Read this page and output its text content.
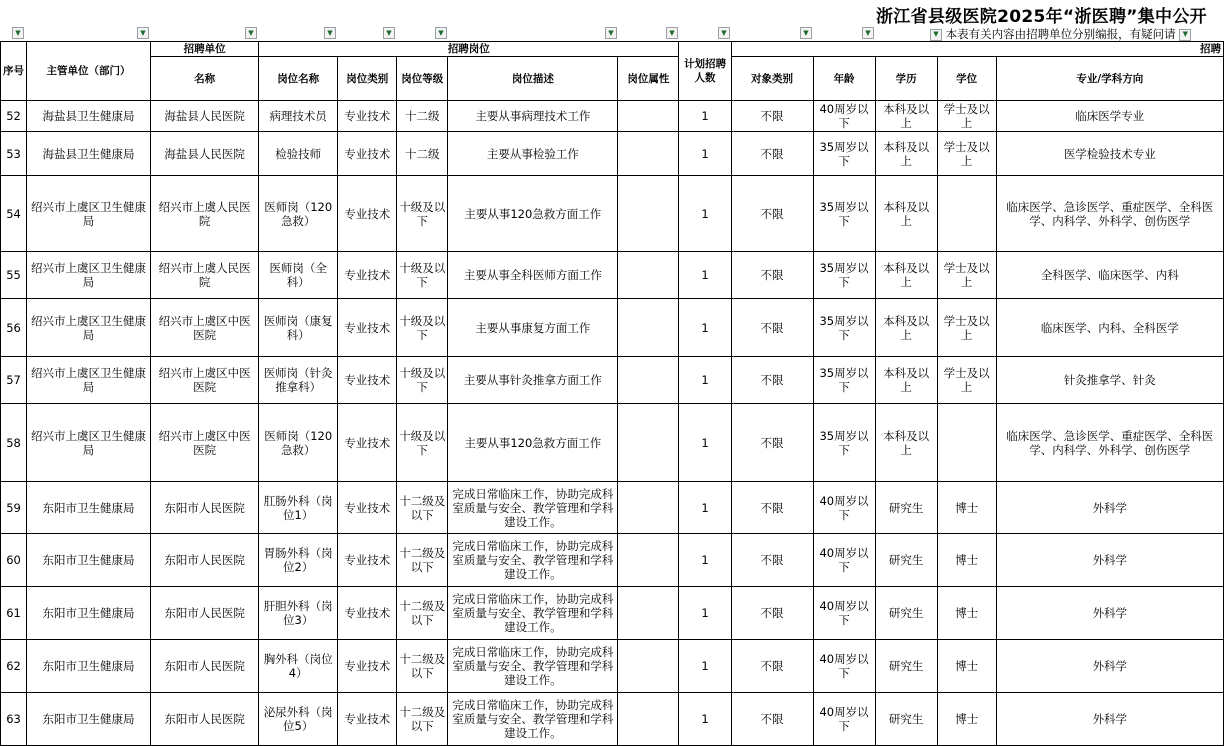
浙江省县级医院2025年“浙医聘”集中公开
▼	▼	▼	▼	▼	▼	▼	▼	▼	▼	▼	▼ 本表有关内容由招聘单位分别编报，有疑问请 ▼
序号	主管单位（部门）	招聘单位	招聘岗位					计划招聘人数	招聘				
		名称	岗位名称	岗位类别	岗位等级	岗位描述	岗位属性		对象类别	年龄	学历	学位	专业/学科方向

52	海盐县卫生健康局	海盐县人民医院	病理技术员	专业技术	十二级	主要从事病理技术工作		1	不限	40周岁以下	本科及以上	学士及以上	临床医学专业
53	海盐县卫生健康局	海盐县人民医院	检验技师	专业技术	十二级	主要从事检验工作		1	不限	35周岁以下	本科及以上	学士及以上	医学检验技术专业
54	绍兴市上虞区卫生健康局	绍兴市上虞人民医院	医师岗（120急救）	专业技术	十级及以下	主要从事120急救方面工作		1	不限	35周岁以下	本科及以上		临床医学、急诊医学、重症医学、全科医学、内科学、外科学、创伤医学
55	绍兴市上虞区卫生健康局	绍兴市上虞人民医院	医师岗（全科）	专业技术	十级及以下	主要从事全科医师方面工作		1	不限	35周岁以下	本科及以上	学士及以上	全科医学、临床医学、内科
56	绍兴市上虞区卫生健康局	绍兴市上虞区中医医院	医师岗（康复科）	专业技术	十级及以下	主要从事康复方面工作		1	不限	35周岁以下	本科及以上	学士及以上	临床医学、内科、全科医学
57	绍兴市上虞区卫生健康局	绍兴市上虞区中医医院	医师岗（针灸推拿科）	专业技术	十级及以下	主要从事针灸推拿方面工作		1	不限	35周岁以下	本科及以上	学士及以上	针灸推拿学、针灸
58	绍兴市上虞区卫生健康局	绍兴市上虞区中医医院	医师岗（120急救）	专业技术	十级及以下	主要从事120急救方面工作		1	不限	35周岁以下	本科及以上		临床医学、急诊医学、重症医学、全科医学、内科学、外科学、创伤医学
59	东阳市卫生健康局	东阳市人民医院	肛肠外科（岗位1）	专业技术	十二级及以下	完成日常临床工作，协助完成科室质量与安全、教学管理和学科建设工作。		1	不限	40周岁以下	研究生	博士	外科学
60	东阳市卫生健康局	东阳市人民医院	胃肠外科（岗位2）	专业技术	十二级及以下	完成日常临床工作，协助完成科室质量与安全、教学管理和学科建设工作。		1	不限	40周岁以下	研究生	博士	外科学
61	东阳市卫生健康局	东阳市人民医院	肝胆外科（岗位3）	专业技术	十二级及以下	完成日常临床工作，协助完成科室质量与安全、教学管理和学科建设工作。		1	不限	40周岁以下	研究生	博士	外科学
62	东阳市卫生健康局	东阳市人民医院	胸外科（岗位4）	专业技术	十二级及以下	完成日常临床工作，协助完成科室质量与安全、教学管理和学科建设工作。		1	不限	40周岁以下	研究生	博士	外科学
63	东阳市卫生健康局	东阳市人民医院	泌尿外科（岗位5）	专业技术	十二级及以下	完成日常临床工作，协助完成科室质量与安全、教学管理和学科建设工作。		1	不限	40周岁以下	研究生	博士	外科学
